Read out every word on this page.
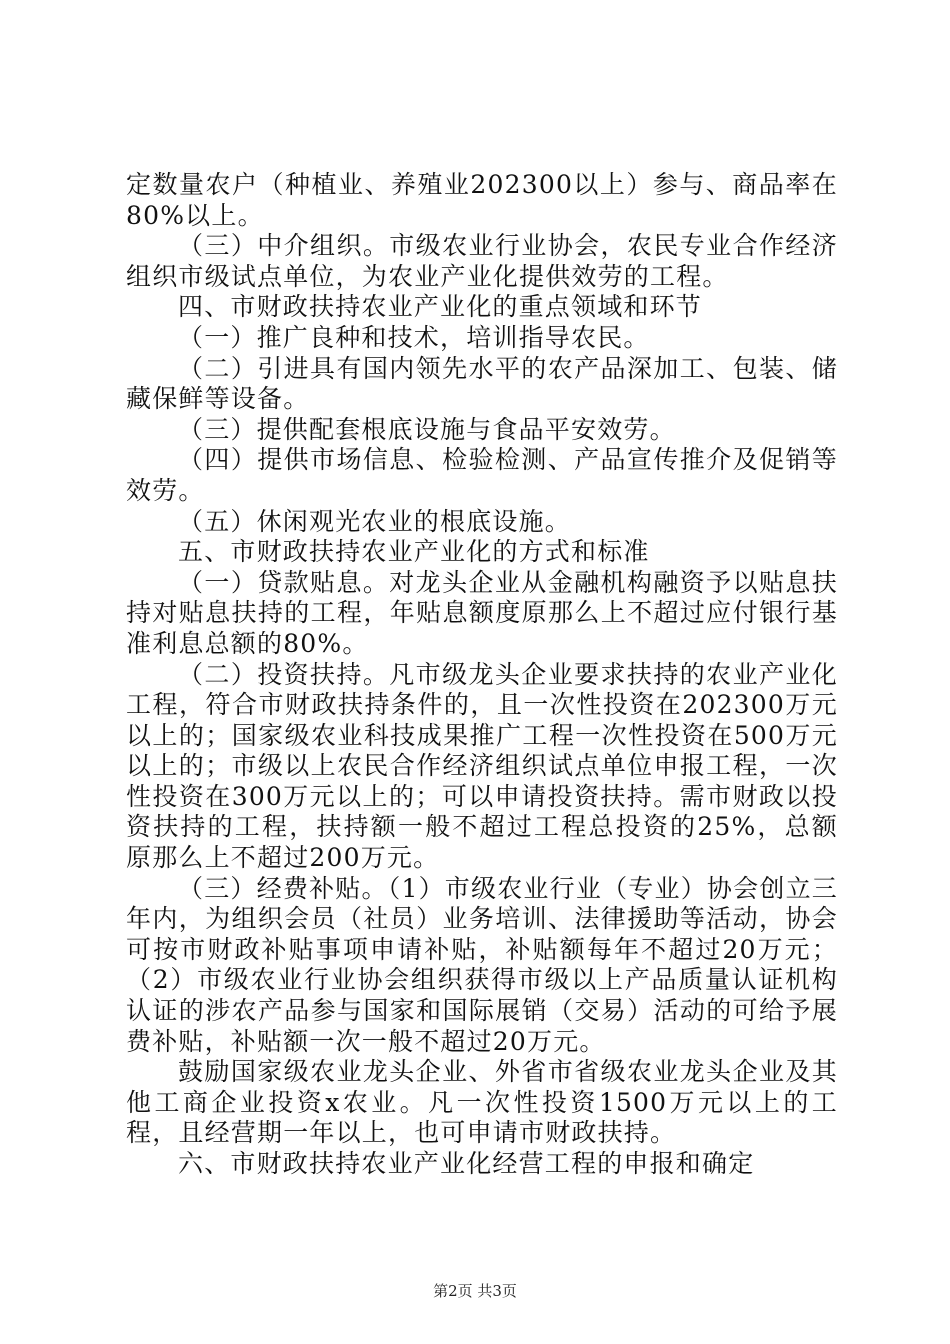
定数量农户（种植业、养殖业202300以上）参与、商品率在80%以上。

（三）中介组织。市级农业行业协会，农民专业合作经济组织市级试点单位，为农业产业化提供效劳的工程。

四、市财政扶持农业产业化的重点领域和环节

（一）推广良种和技术，培训指导农民。

（二）引进具有国内领先水平的农产品深加工、包装、储藏保鲜等设备。

（三）提供配套根底设施与食品平安效劳。

（四）提供市场信息、检验检测、产品宣传推介及促销等效劳。

（五）休闲观光农业的根底设施。

五、市财政扶持农业产业化的方式和标准

（一）贷款贴息。对龙头企业从金融机构融资予以贴息扶持对贴息扶持的工程，年贴息额度原那么上不超过应付银行基准利息总额的80%。

（二）投资扶持。凡市级龙头企业要求扶持的农业产业化工程，符合市财政扶持条件的，且一次性投资在202300万元以上的；国家级农业科技成果推广工程一次性投资在500万元以上的；市级以上农民合作经济组织试点单位申报工程，一次性投资在300万元以上的；可以申请投资扶持。需市财政以投资扶持的工程，扶持额一般不超过工程总投资的25%，总额原那么上不超过200万元。

（三）经费补贴。（1）市级农业行业（专业）协会创立三年内，为组织会员（社员）业务培训、法律援助等活动，协会可按市财政补贴事项申请补贴，补贴额每年不超过20万元；（2）市级农业行业协会组织获得市级以上产品质量认证机构认证的涉农产品参与国家和国际展销（交易）活动的可给予展费补贴，补贴额一次一般不超过20万元。

鼓励国家级农业龙头企业、外省市省级农业龙头企业及其他工商企业投资x农业。凡一次性投资1500万元以上的工程，且经营期一年以上，也可申请市财政扶持。

六、市财政扶持农业产业化经营工程的申报和确定

第2页 共3页
